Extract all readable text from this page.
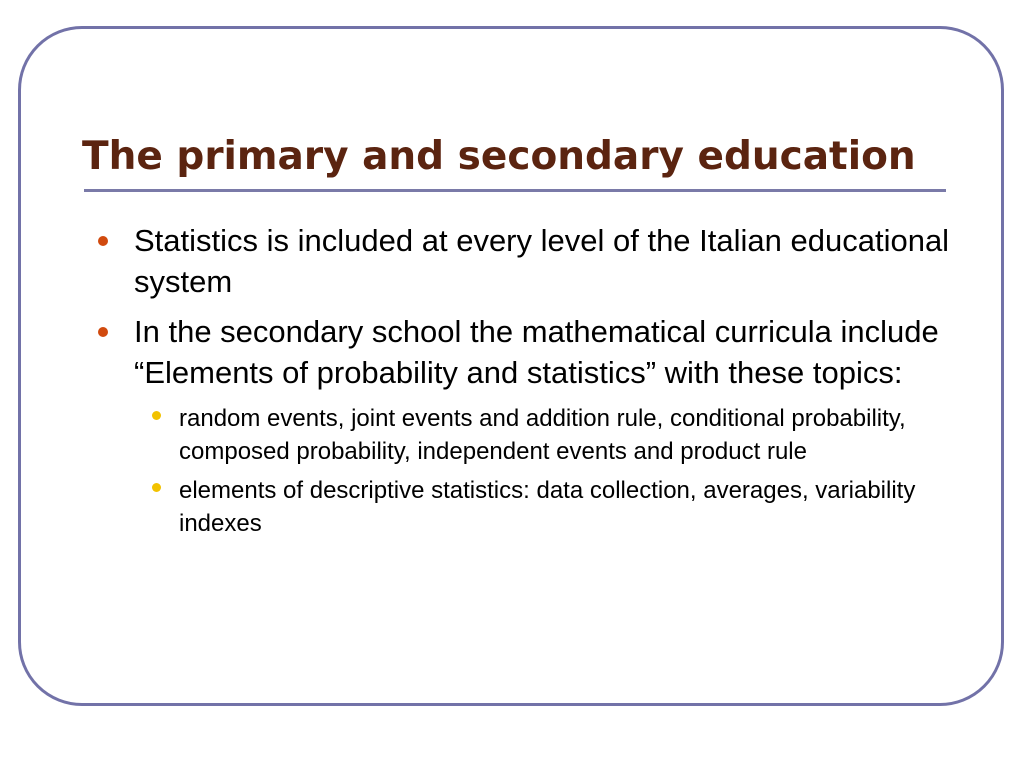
The primary and secondary education
Statistics is included at every level of the Italian educational system
In the secondary school the mathematical curricula include “Elements of probability and statistics” with these topics:
random events, joint events and addition rule, conditional probability, composed probability, independent events and product rule
elements of descriptive statistics: data collection, averages, variability indexes
